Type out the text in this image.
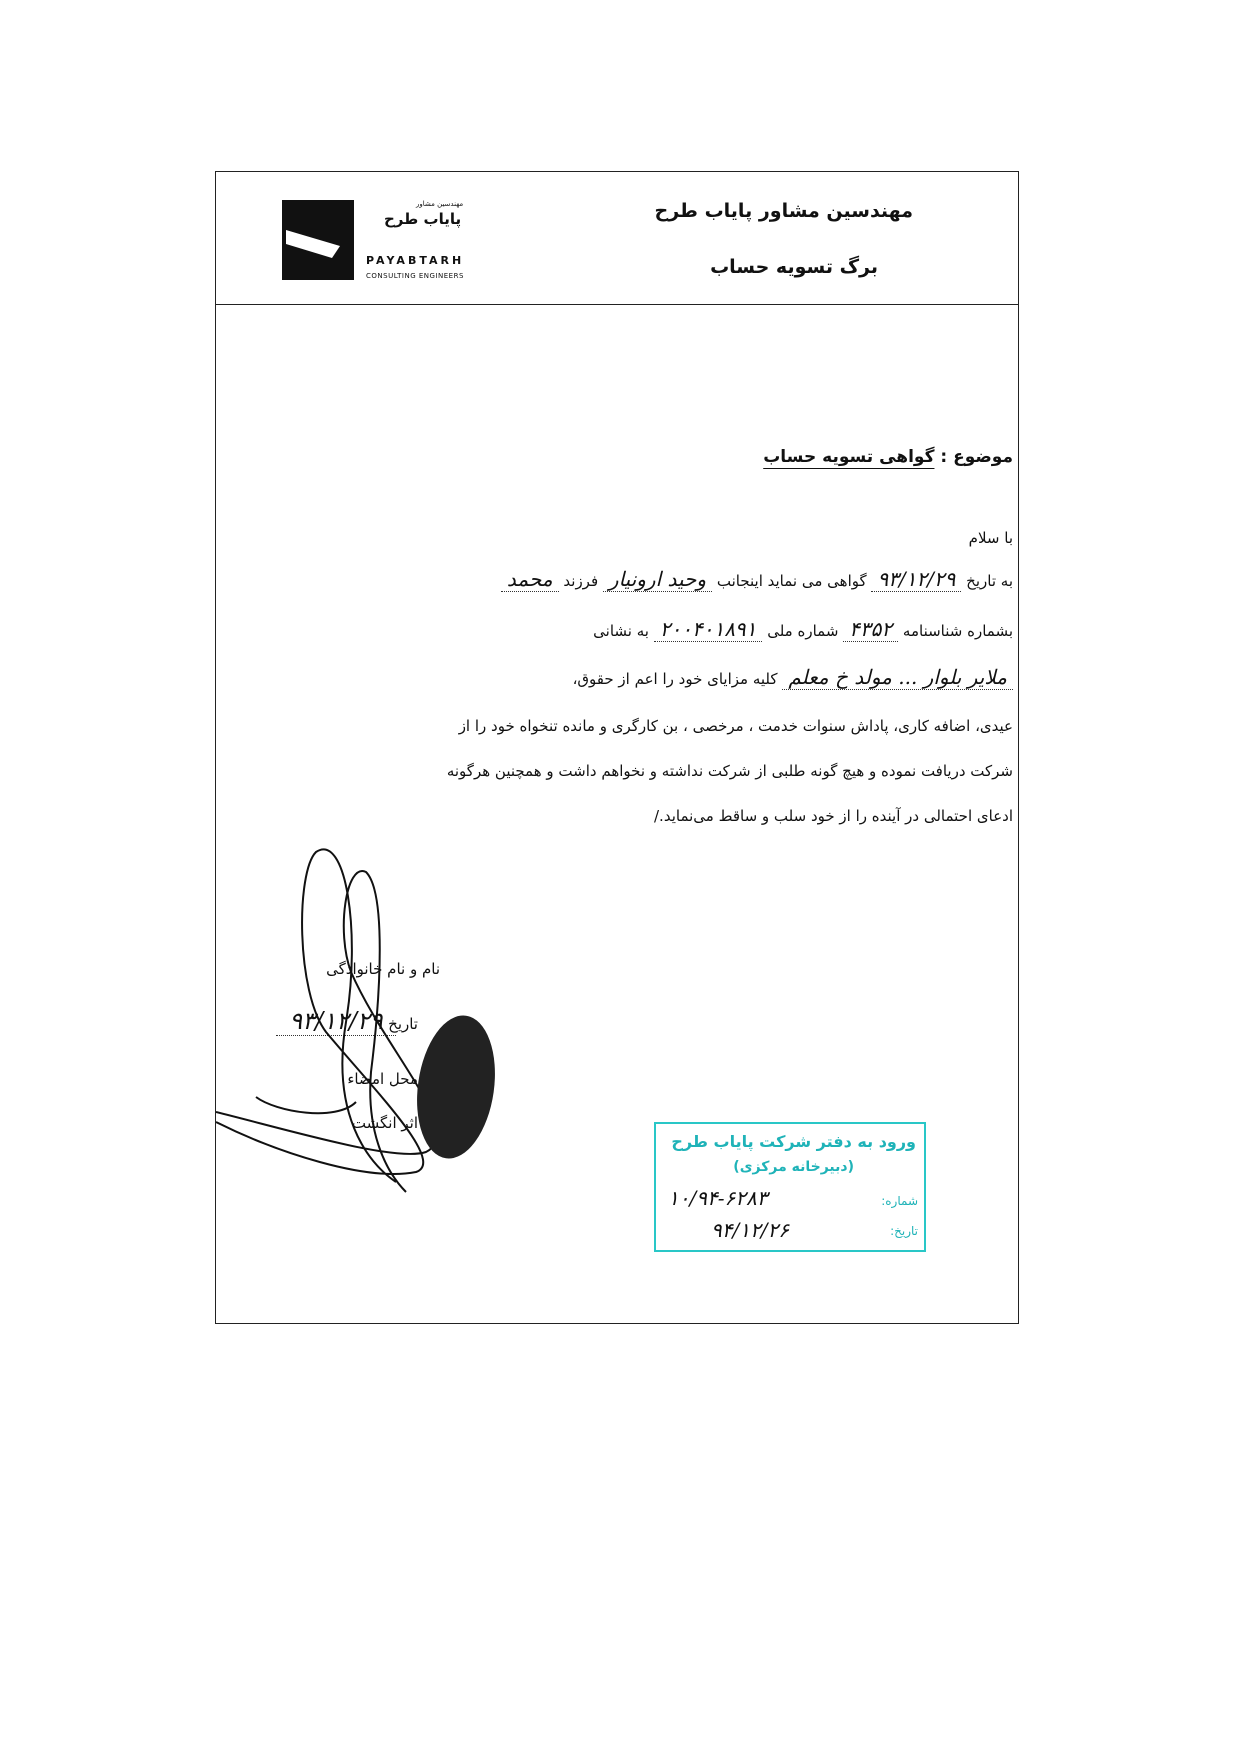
مهندسین مشاور پایاب طرح
برگ تسویه حساب
مهندسین مشاور
پایاب طرح
PAYABTARH
CONSULTING ENGINEERS
موضوع : گواهی تسویه حساب
با سلام
به تاریخ ۹۳/۱۲/۲۹ گواهی می نماید اینجانب وحید ارونیار فرزند محمد
بشماره شناسنامه ۴۳۵۲ شماره ملی ۲۰۰۴۰۱۸۹۱ به نشانی
ملایر بلوار ... مولد خ معلم کلیه مزایای خود را اعم از حقوق،
عیدی، اضافه کاری، پاداش سنوات خدمت ، مرخصی ، بن کارگری و مانده تنخواه خود را از
شرکت دریافت نموده و هیچ گونه طلبی از شرکت نداشته و نخواهم داشت و همچنین هرگونه
ادعای احتمالی در آینده را از خود سلب و ساقط می‌نماید./
نام و نام خانوادگی
۹۳/۱۲/۲۹ تاریخ
محل امضاء
اثر انگشت
ورود به دفتر شرکت پایاب طرح
(دبیرخانه مرکزی)
شماره:
۱۰/۹۴-۶۲۸۳
تاریخ:
۹۴/۱۲/۲۶
